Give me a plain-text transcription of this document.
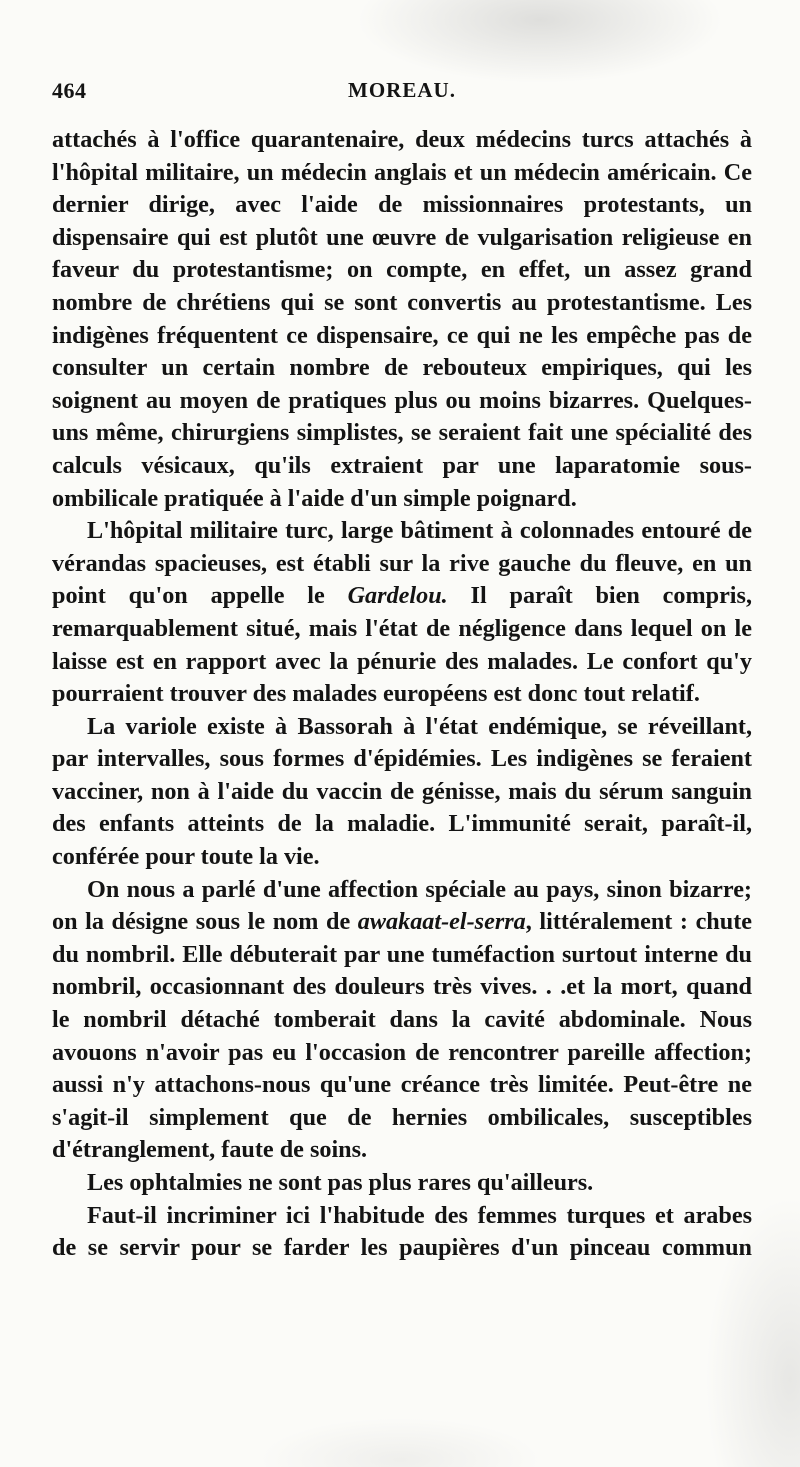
464	MOREAU.

attachés à l'office quarantenaire, deux médecins turcs attachés à l'hôpital militaire, un médecin anglais et un médecin américain. Ce dernier dirige, avec l'aide de missionnaires protestants, un dispensaire qui est plutôt une œuvre de vulgarisation religieuse en faveur du protestantisme; on compte, en effet, un assez grand nombre de chrétiens qui se sont convertis au protestantisme. Les indigènes fréquentent ce dispensaire, ce qui ne les empêche pas de consulter un certain nombre de rebouteux empiriques, qui les soignent au moyen de pratiques plus ou moins bizarres. Quelques-uns même, chirurgiens simplistes, se seraient fait une spécialité des calculs vésicaux, qu'ils extraient par une laparatomie sous-ombilicale pratiquée à l'aide d'un simple poignard.

L'hôpital militaire turc, large bâtiment à colonnades entouré de vérandas spacieuses, est établi sur la rive gauche du fleuve, en un point qu'on appelle le Gardelou. Il paraît bien compris, remarquablement situé, mais l'état de négligence dans lequel on le laisse est en rapport avec la pénurie des malades. Le confort qu'y pourraient trouver des malades européens est donc tout relatif.

La variole existe à Bassorah à l'état endémique, se réveillant, par intervalles, sous formes d'épidémies. Les indigènes se feraient vacciner, non à l'aide du vaccin de génisse, mais du sérum sanguin des enfants atteints de la maladie. L'immunité serait, paraît-il, conférée pour toute la vie.

On nous a parlé d'une affection spéciale au pays, sinon bizarre; on la désigne sous le nom de awakaat-el-serra, littéralement : chute du nombril. Elle débuterait par une tuméfaction surtout interne du nombril, occasionnant des douleurs très vives. . .et la mort, quand le nombril détaché tomberait dans la cavité abdominale. Nous avouons n'avoir pas eu l'occasion de rencontrer pareille affection; aussi n'y attachons-nous qu'une créance très limitée. Peut-être ne s'agit-il simplement que de hernies ombilicales, susceptibles d'étranglement, faute de soins.

Les ophtalmies ne sont pas plus rares qu'ailleurs.

Faut-il incriminer ici l'habitude des femmes turques et arabes de se servir pour se farder les paupières d'un pinceau commun
